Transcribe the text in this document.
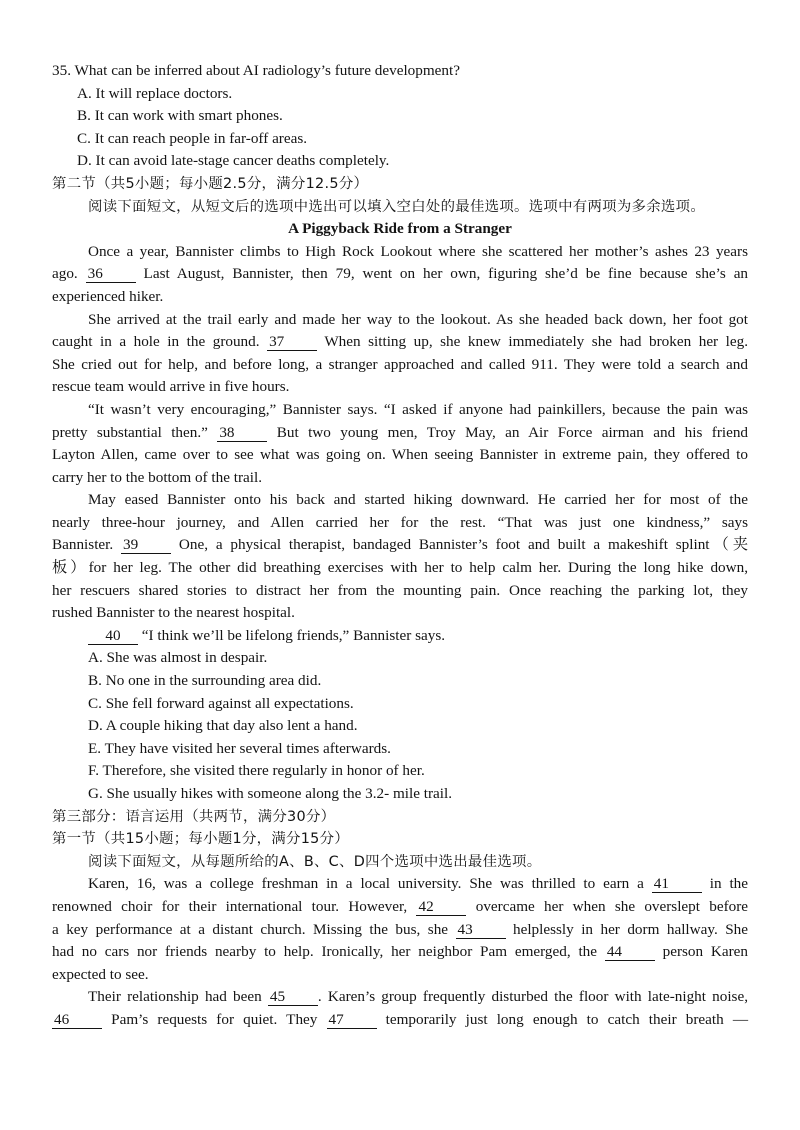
35. What can be inferred about AI radiology’s future development?
A. It will replace doctors.
B. It can work with smart phones.
C. It can reach people in far-off areas.
D. It can avoid late-stage cancer deaths completely.
第二节（共5小题；每小题2.5分，满分12.5分）
阅读下面短文，从短文后的选项中选出可以填入空白处的最佳选项。选项中有两项为多余选项。
A Piggyback Ride from a Stranger
Once a year, Bannister climbs to High Rock Lookout where she scattered her mother’s ashes 23 years
ago. 36	Last August, Bannister, then 79, went on her own, figuring she’d be fine because she’s an
experienced hiker.
She arrived at the trail early and made her way to the lookout. As she headed back down, her foot got
caught in a hole in the ground. 37	When sitting up, she knew immediately she had broken her leg.
She cried out for help, and before long, a stranger approached and called 911. They were told a search and
rescue team would arrive in five hours.
“It wasn’t very encouraging,” Bannister says. “I asked if anyone had painkillers, because the pain was
pretty substantial then.” 38	But two young men, Troy May, an Air Force airman and his friend
Layton Allen, came over to see what was going on. When seeing Bannister in extreme pain, they offered to
carry her to the bottom of the trail.
May eased Bannister onto his back and started hiking downward. He carried her for most of the
nearly three-hour journey, and Allen carried her for the rest. “That was just one kindness,” says
Bannister. 39	One, a physical therapist, bandaged Bannister’s foot and built a makeshift splint（夹
板）for her leg. The other did breathing exercises with her to help calm her. During the long hike down,
her rescuers shared stories to distract her from the mounting pain. Once reaching the parking lot, they
rushed Bannister to the nearest hospital.
40 “I think we’ll be lifelong friends,” Bannister says.
A. She was almost in despair.
B. No one in the surrounding area did.
C. She fell forward against all expectations.
D. A couple hiking that day also lent a hand.
E. They have visited her several times afterwards.
F. Therefore, she visited there regularly in honor of her.
G. She usually hikes with someone along the 3.2- mile trail.
第三部分：语言运用（共两节，满分30分）
第一节（共15小题；每小题1分，满分15分）
阅读下面短文，从每题所给的A、B、C、D四个选项中选出最佳选项。
Karen, 16, was a college freshman in a local university. She was thrilled to earn a 41	in the
renowned choir for their international tour. However, 42	overcame her when she overslept before
a key performance at a distant church. Missing the bus, she 43	helplessly in her dorm hallway. She
had no cars nor friends nearby to help. Ironically, her neighbor Pam emerged, the 44	person Karen
expected to see.
Their relationship had been 45 . Karen’s group frequently disturbed the floor with late-night noise,
46	Pam’s requests for quiet. They 47	temporarily just long enough to catch their breath —
